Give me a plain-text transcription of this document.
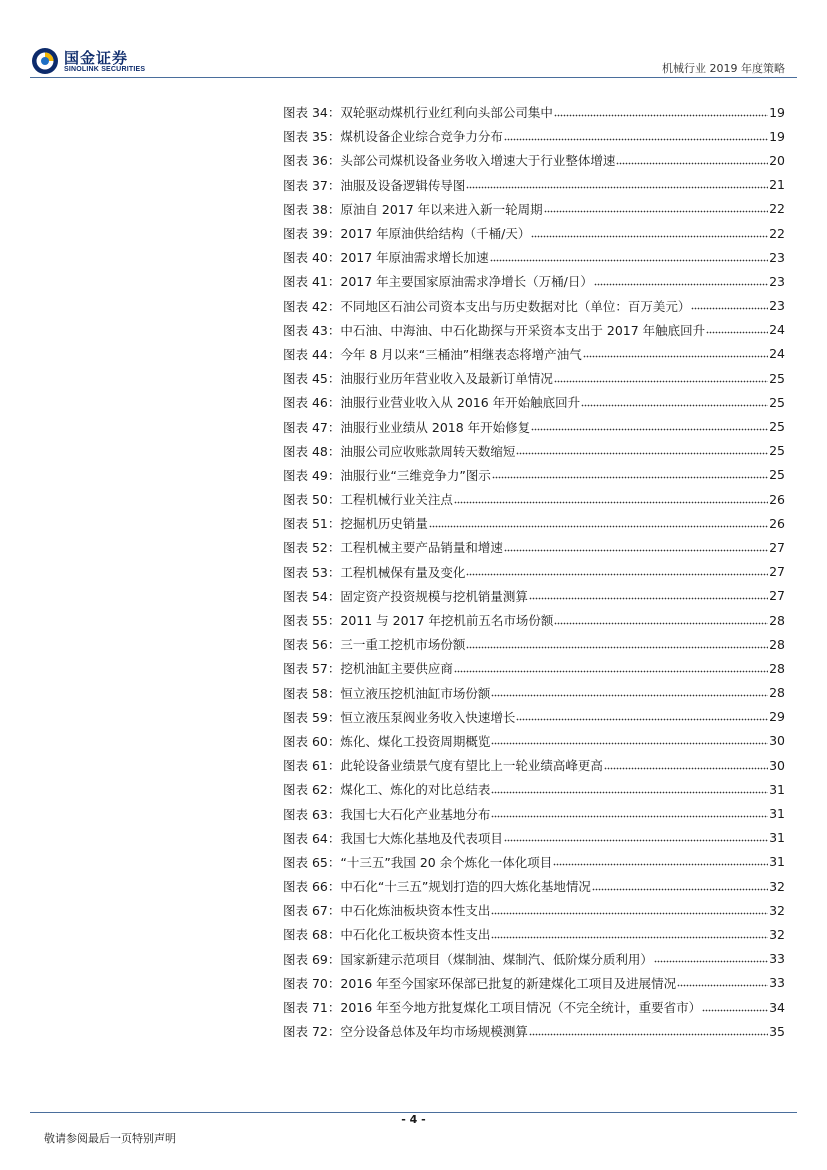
国金证券
SINOLINK SECURITIES	机械行业 2019 年度策略
图表 34： 双轮驱动煤机行业红利向头部公司集中	19
图表 35： 煤机设备企业综合竞争力分布	19
图表 36： 头部公司煤机设备业务收入增速大于行业整体增速	20
图表 37： 油服及设备逻辑传导图	21
图表 38： 原油自 2017 年以来进入新一轮周期	22
图表 39： 2017 年原油供给结构（千桶/天）	22
图表 40： 2017 年原油需求增长加速	23
图表 41： 2017 年主要国家原油需求净增长（万桶/日）	23
图表 42： 不同地区石油公司资本支出与历史数据对比（单位：百万美元）	23
图表 43： 中石油、中海油、中石化勘探与开采资本支出于 2017 年触底回升	24
图表 44： 今年 8 月以来“三桶油”相继表态将增产油气	24
图表 45： 油服行业历年营业收入及最新订单情况	25
图表 46： 油服行业营业收入从 2016 年开始触底回升	25
图表 47： 油服行业业绩从 2018 年开始修复	25
图表 48： 油服公司应收账款周转天数缩短	25
图表 49： 油服行业“三维竞争力”图示	25
图表 50： 工程机械行业关注点	26
图表 51： 挖掘机历史销量	26
图表 52： 工程机械主要产品销量和增速	27
图表 53： 工程机械保有量及变化	27
图表 54： 固定资产投资规模与挖机销量测算	27
图表 55： 2011 与 2017 年挖机前五名市场份额	28
图表 56： 三一重工挖机市场份额	28
图表 57： 挖机油缸主要供应商	28
图表 58： 恒立液压挖机油缸市场份额	28
图表 59： 恒立液压泵阀业务收入快速增长	29
图表 60： 炼化、煤化工投资周期概览	30
图表 61： 此轮设备业绩景气度有望比上一轮业绩高峰更高	30
图表 62： 煤化工、炼化的对比总结表	31
图表 63： 我国七大石化产业基地分布	31
图表 64： 我国七大炼化基地及代表项目	31
图表 65： “十三五”我国 20 余个炼化一体化项目	31
图表 66： 中石化“十三五”规划打造的四大炼化基地情况	32
图表 67： 中石化炼油板块资本性支出	32
图表 68： 中石化化工板块资本性支出	32
图表 69： 国家新建示范项目（煤制油、煤制汽、低阶煤分质利用）	33
图表 70： 2016 年至今国家环保部已批复的新建煤化工项目及进展情况	33
图表 71： 2016 年至今地方批复煤化工项目情况（不完全统计，重要省市）	34
图表 72： 空分设备总体及年均市场规模测算	35
- 4 -
敬请参阅最后一页特别声明
